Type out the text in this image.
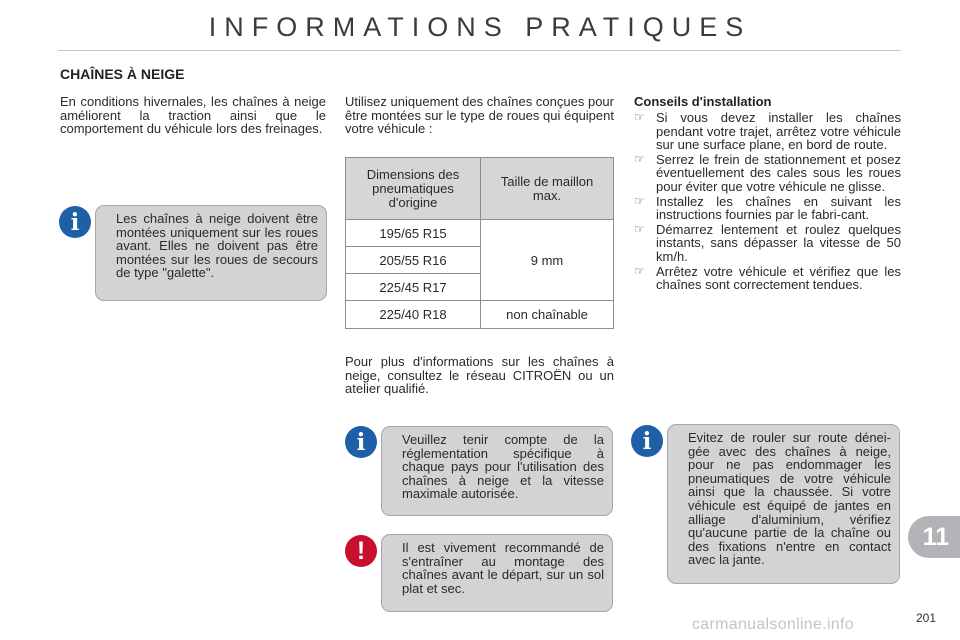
INFORMATIONS PRATIQUES
CHAÎNES À NEIGE

En conditions hivernales, les chaînes à neige améliorent la traction ainsi que le comportement du véhicule lors des freinages.

Les chaînes à neige doivent être montées uniquement sur les roues avant. Elles ne doivent pas être montées sur les roues de secours de type "galette".
i

Utilisez uniquement des chaînes conçues pour être montées sur le type de roues qui équipent votre véhicule :

Dimensions des pneumatiques d'origine	Taille de maillon max.
195/65 R15	9 mm
205/55 R16	
225/45 R17	
225/40 R18	non chaînable

Pour plus d'informations sur les chaînes à neige, consultez le réseau CITROËN ou un atelier qualifié.

Veuillez tenir compte de la réglementation spécifique à chaque pays pour l'utilisation des chaînes à neige et la vitesse maximale autorisée.
i
Il est vivement recommandé de s'entraîner au montage des chaînes avant le départ, sur un sol plat et sec.
!
Conseils d'installation
☞ Si vous devez installer les chaînes pendant votre trajet, arrêtez votre véhicule sur une surface plane, en bord de route.
☞ Serrez le frein de stationnement et posez éventuellement des cales sous les roues pour éviter que votre véhicule ne glisse.
☞ Installez les chaînes en suivant les instructions fournies par le fabri-cant.
☞ Démarrez lentement et roulez quelques instants, sans dépasser la vitesse de 50 km/h.
☞ Arrêtez votre véhicule et vérifiez que les chaînes sont correctement tendues.
Evitez de rouler sur route dénei-gée avec des chaînes à neige, pour ne pas endommager les pneumatiques de votre véhicule ainsi que la chaussée. Si votre véhicule est équipé de jantes en alliage d'aluminium, vérifiez qu'aucune partie de la chaîne ou des fixations n'entre en contact avec la jante.
i
11
201
carmanualsonline.info
